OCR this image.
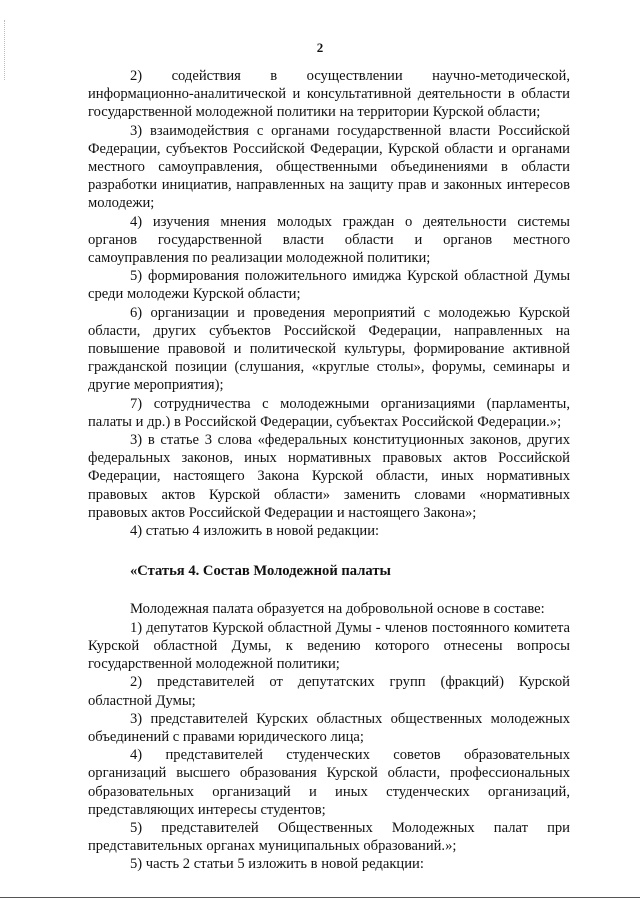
2

2) содействия в осуществлении научно-методической, информационно-аналитической и консультативной деятельности в области государственной молодежной политики на территории Курской области;

3) взаимодействия с органами государственной власти Российской Федерации, субъектов Российской Федерации, Курской области и органами местного самоуправления, общественными объединениями в области разработки инициатив, направленных на защиту прав и законных интересов молодежи;

4) изучения мнения молодых граждан о деятельности системы органов государственной власти области и органов местного самоуправления по реализации молодежной политики;

5) формирования положительного имиджа Курской областной Думы среди молодежи Курской области;

6) организации и проведения мероприятий с молодежью Курской области, других субъектов Российской Федерации, направленных на повышение правовой и политической культуры, формирование активной гражданской позиции (слушания, «круглые столы», форумы, семинары и другие мероприятия);

7) сотрудничества с молодежными организациями (парламенты, палаты и др.) в Российской Федерации, субъектах Российской Федерации.»;

3) в статье 3 слова «федеральных конституционных законов, других федеральных законов, иных нормативных правовых актов Российской Федерации, настоящего Закона Курской области, иных нормативных правовых актов Курской области» заменить словами «нормативных правовых актов Российской Федерации и настоящего Закона»;

4) статью 4 изложить в новой редакции:

«Статья 4. Состав Молодежной палаты

Молодежная палата образуется на добровольной основе в составе:

1) депутатов Курской областной Думы - членов постоянного комитета Курской областной Думы, к ведению которого отнесены вопросы государственной молодежной политики;

2) представителей от депутатских групп (фракций) Курской областной Думы;

3) представителей Курских областных общественных молодежных объединений с правами юридического лица;

4) представителей студенческих советов образовательных организаций высшего образования Курской области, профессиональных образовательных организаций и иных студенческих организаций, представляющих интересы студентов;

5) представителей Общественных Молодежных палат при представительных органах муниципальных образований.»;

5) часть 2 статьи 5 изложить в новой редакции:
